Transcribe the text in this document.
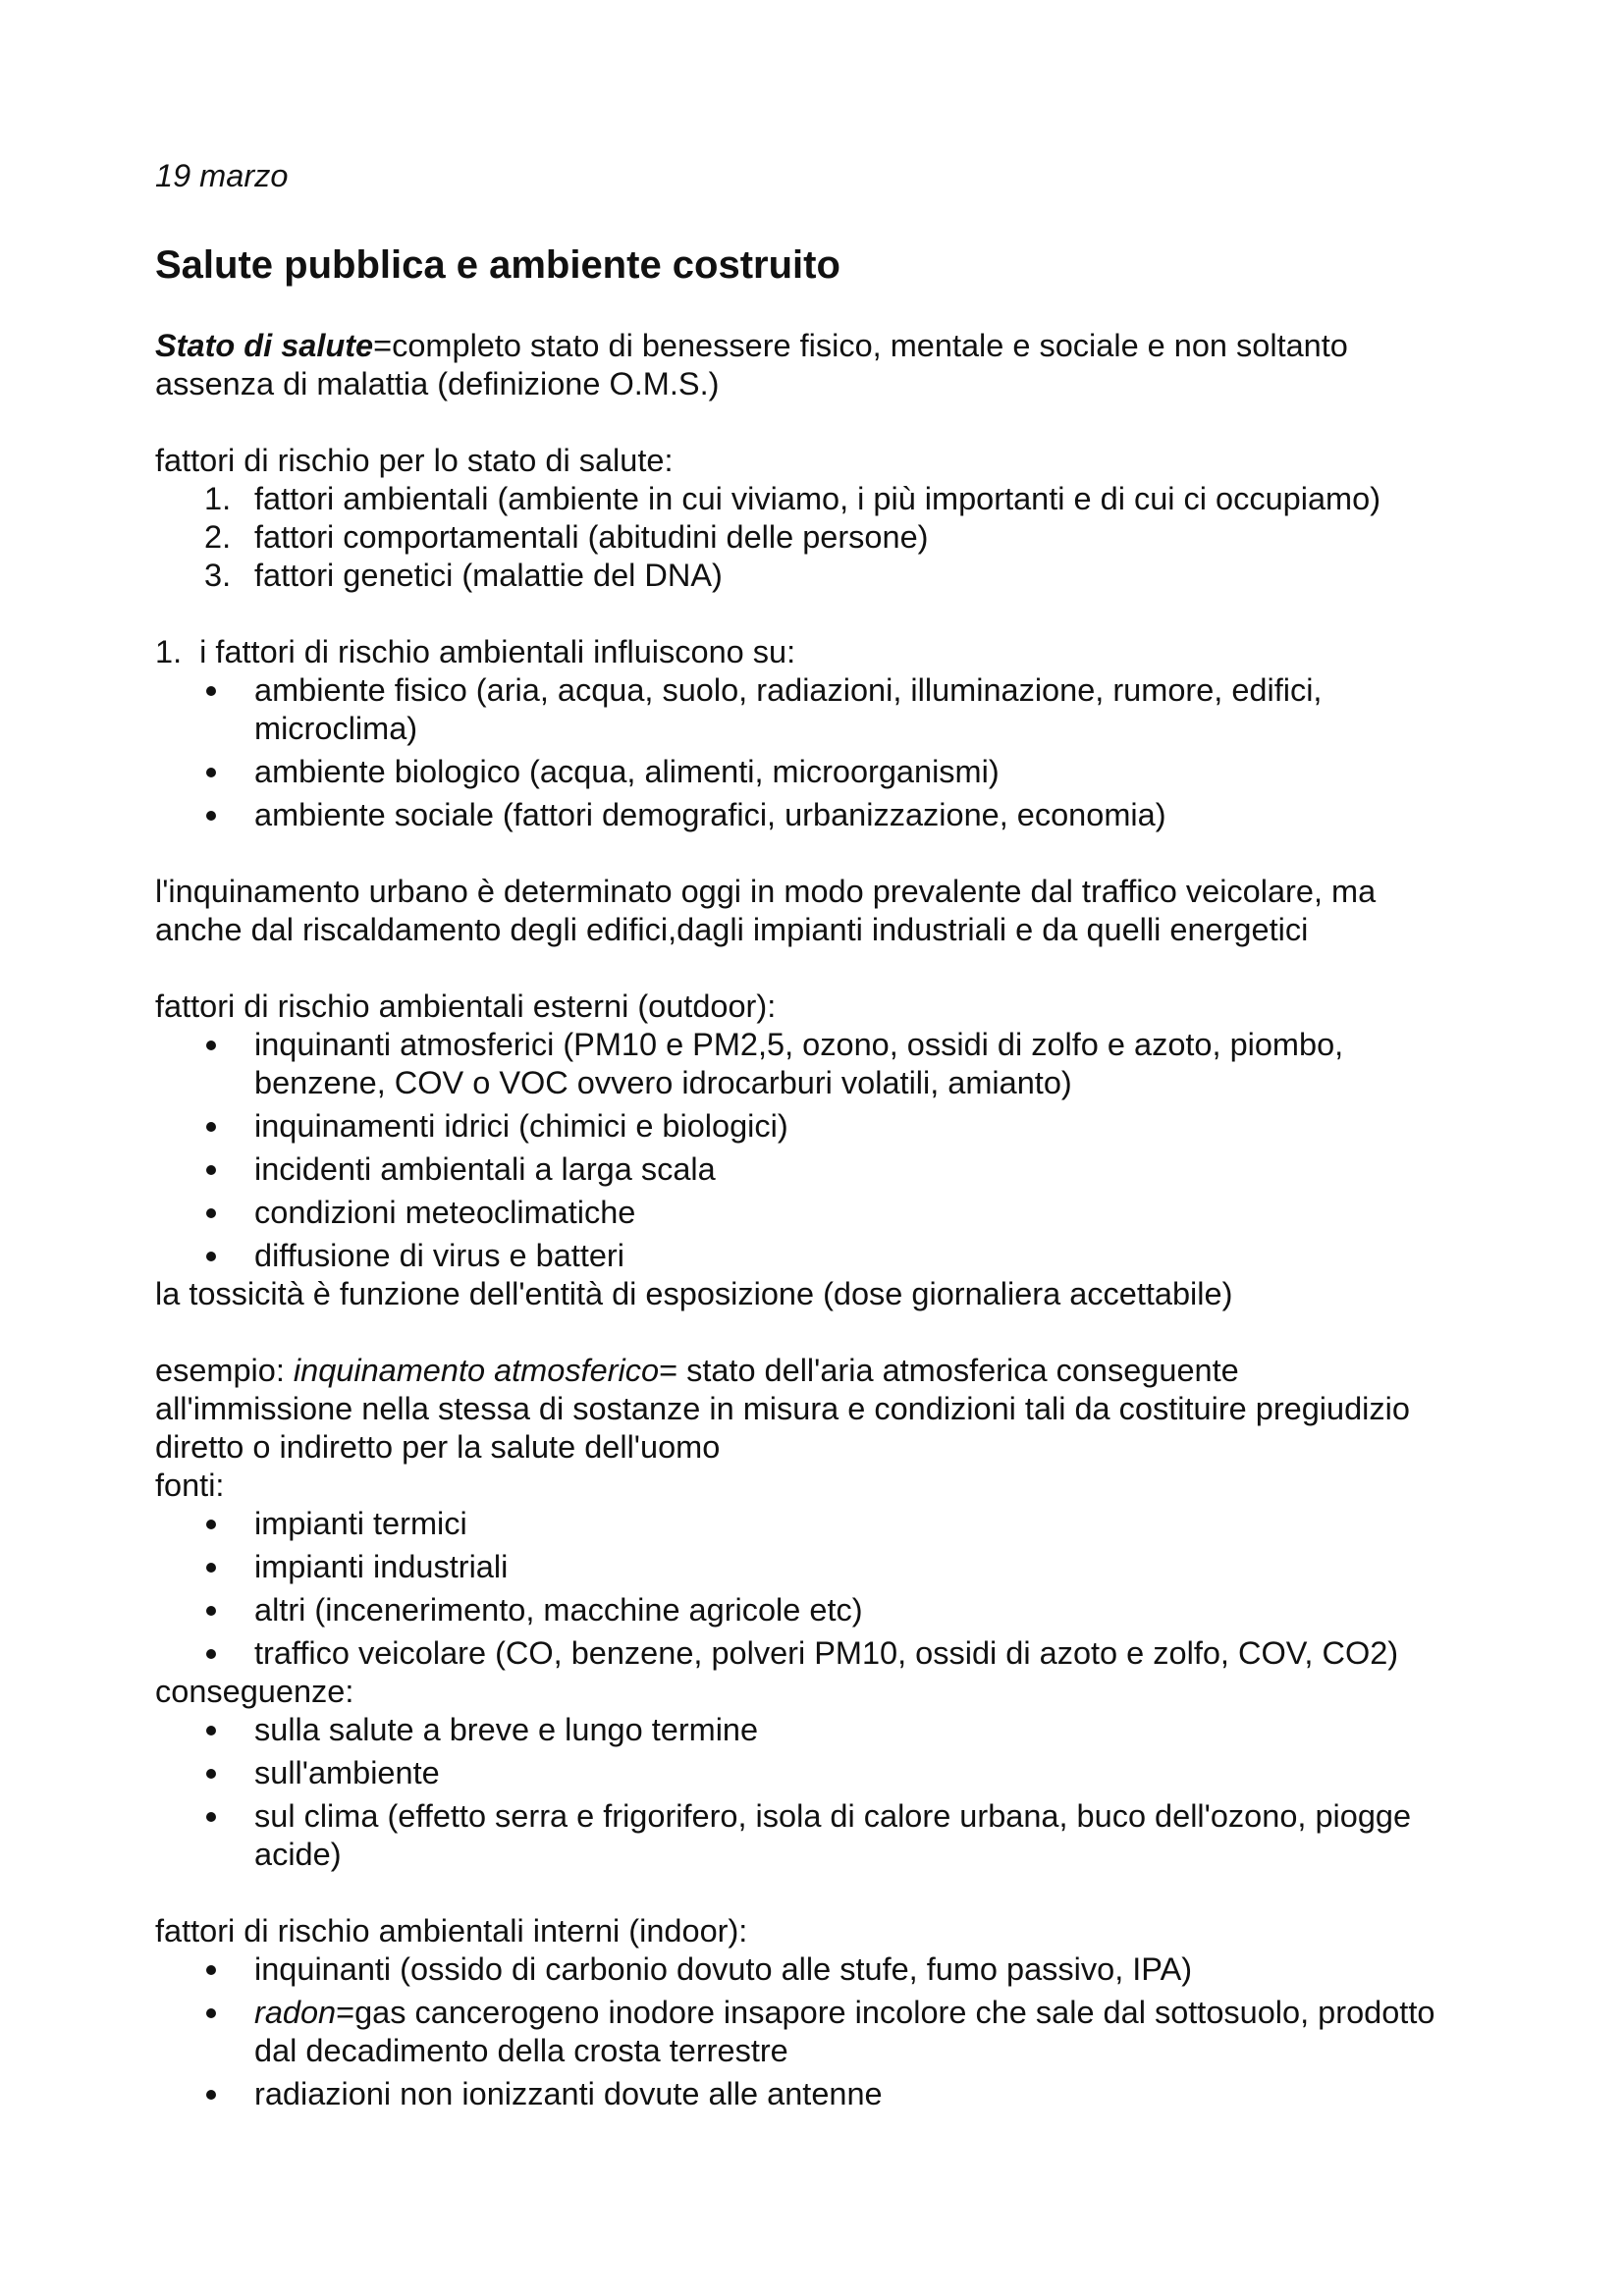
19 marzo
Salute pubblica e ambiente costruito

Stato di salute=completo stato di benessere fisico, mentale e sociale e non soltanto

assenza di malattia (definizione O.M.S.)

fattori di rischio per lo stato di salute:

1. fattori ambientali (ambiente in cui viviamo, i più importanti e di cui ci occupiamo)
2. fattori comportamentali (abitudini delle persone)
3. fattori genetici (malattie del DNA)

1. i fattori di rischio ambientali influiscono su:

ambiente fisico (aria, acqua, suolo, radiazioni, illuminazione, rumore, edifici,
microclima)
ambiente biologico (acqua, alimenti, microorganismi)
ambiente sociale (fattori demografici, urbanizzazione, economia)

l'inquinamento urbano è determinato oggi in modo prevalente dal traffico veicolare, ma

anche dal riscaldamento degli edifici,dagli impianti industriali e da quelli energetici

fattori di rischio ambientali esterni (outdoor):

inquinanti atmosferici (PM10 e PM2,5, ozono, ossidi di zolfo e azoto, piombo,
benzene, COV o VOC ovvero idrocarburi volatili, amianto)
inquinamenti idrici (chimici e biologici)
incidenti ambientali a larga scala
condizioni meteoclimatiche
diffusione di virus e batteri

la tossicità è funzione dell'entità di esposizione (dose giornaliera accettabile)

esempio: inquinamento atmosferico= stato dell'aria atmosferica conseguente

all'immissione nella stessa di sostanze in misura e condizioni tali da costituire pregiudizio

diretto o indiretto per la salute dell'uomo

fonti:

impianti termici
impianti industriali
altri (incenerimento, macchine agricole etc)
traffico veicolare (CO, benzene, polveri PM10, ossidi di azoto e zolfo, COV, CO2)

conseguenze:

sulla salute a breve e lungo termine
sull'ambiente
sul clima (effetto serra e frigorifero, isola di calore urbana, buco dell'ozono, piogge
acide)

fattori di rischio ambientali interni (indoor):

inquinanti (ossido di carbonio dovuto alle stufe, fumo passivo, IPA)
radon=gas cancerogeno inodore insapore incolore che sale dal sottosuolo, prodotto
dal decadimento della crosta terrestre
radiazioni non ionizzanti dovute alle antenne
